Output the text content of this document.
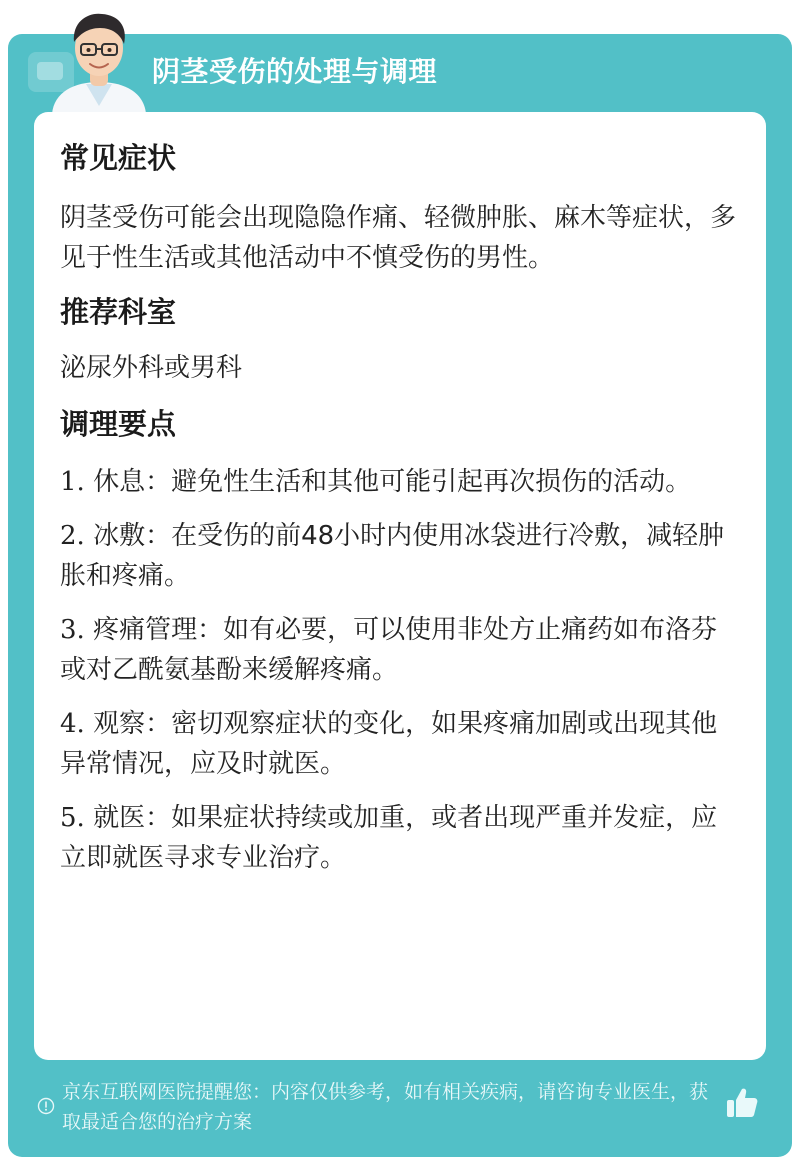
阴茎受伤的处理与调理
常见症状

阴茎受伤可能会出现隐隐作痛、轻微肿胀、麻木等症状，多见于性生活或其他活动中不慎受伤的男性。

推荐科室

泌尿外科或男科

调理要点

1. 休息：避免性生活和其他可能引起再次损伤的活动。

2. 冰敷：在受伤的前48小时内使用冰袋进行冷敷，减轻肿胀和疼痛。

3. 疼痛管理：如有必要，可以使用非处方止痛药如布洛芬或对乙酰氨基酚来缓解疼痛。

4. 观察：密切观察症状的变化，如果疼痛加剧或出现其他异常情况，应及时就医。

5. 就医：如果症状持续或加重，或者出现严重并发症，应立即就医寻求专业治疗。

京东互联网医院提醒您：内容仅供参考，如有相关疾病，请咨询专业医生，获取最适合您的治疗方案
